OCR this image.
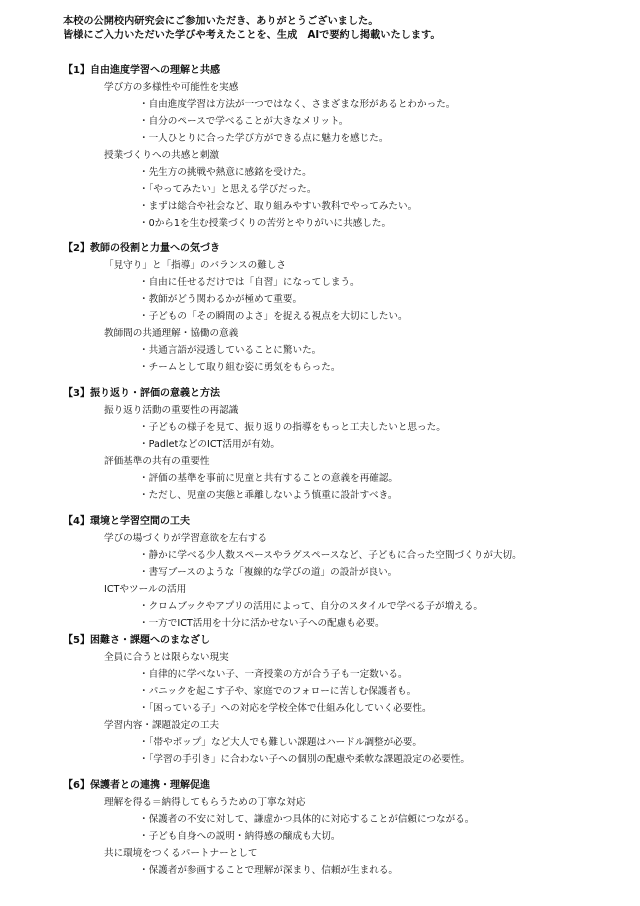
本校の公開校内研究会にご参加いただき、ありがとうございました。
皆様にご入力いただいた学びや考えたことを、生成　AIで要約し掲載いたします。
【1】自由進度学習への理解と共感
学び方の多様性や可能性を実感
・自由進度学習は方法が一つではなく、さまざまな形があるとわかった。
・自分のペースで学べることが大きなメリット。
・一人ひとりに合った学び方ができる点に魅力を感じた。
授業づくりへの共感と刺激
・先生方の挑戦や熱意に感銘を受けた。
・「やってみたい」と思える学びだった。
・まずは総合や社会など、取り組みやすい教科でやってみたい。
・0から1を生む授業づくりの苦労とやりがいに共感した。
【2】教師の役割と力量への気づき
「見守り」と「指導」のバランスの難しさ
・自由に任せるだけでは「自習」になってしまう。
・教師がどう関わるかが極めて重要。
・子どもの「その瞬間のよさ」を捉える視点を大切にしたい。
教師間の共通理解・協働の意義
・共通言語が浸透していることに驚いた。
・チームとして取り組む姿に勇気をもらった。
【3】振り返り・評価の意義と方法
振り返り活動の重要性の再認識
・子どもの様子を見て、振り返りの指導をもっと工夫したいと思った。
・PadletなどのICT活用が有効。
評価基準の共有の重要性
・評価の基準を事前に児童と共有することの意義を再確認。
・ただし、児童の実態と乖離しないよう慎重に設計すべき。
【4】環境と学習空間の工夫
学びの場づくりが学習意欲を左右する
・静かに学べる少人数スペースやラグスペースなど、子どもに合った空間づくりが大切。
・書写ブースのような「複線的な学びの道」の設計が良い。
ICTやツールの活用
・クロムブックやアプリの活用によって、自分のスタイルで学べる子が増える。
・一方でICT活用を十分に活かせない子への配慮も必要。
【5】困難さ・課題へのまなざし
全員に合うとは限らない現実
・自律的に学べない子、一斉授業の方が合う子も一定数いる。
・パニックを起こす子や、家庭でのフォローに苦しむ保護者も。
・「困っている子」への対応を学校全体で仕組み化していく必要性。
学習内容・課題設定の工夫
・「帯やポップ」など大人でも難しい課題はハードル調整が必要。
・「学習の手引き」に合わない子への個別の配慮や柔軟な課題設定の必要性。
【6】保護者との連携・理解促進
理解を得る＝納得してもらうための丁寧な対応
・保護者の不安に対して、謙虚かつ具体的に対応することが信頼につながる。
・子ども自身への説明・納得感の醸成も大切。
共に環境をつくるパートナーとして
・保護者が参画することで理解が深まり、信頼が生まれる。
